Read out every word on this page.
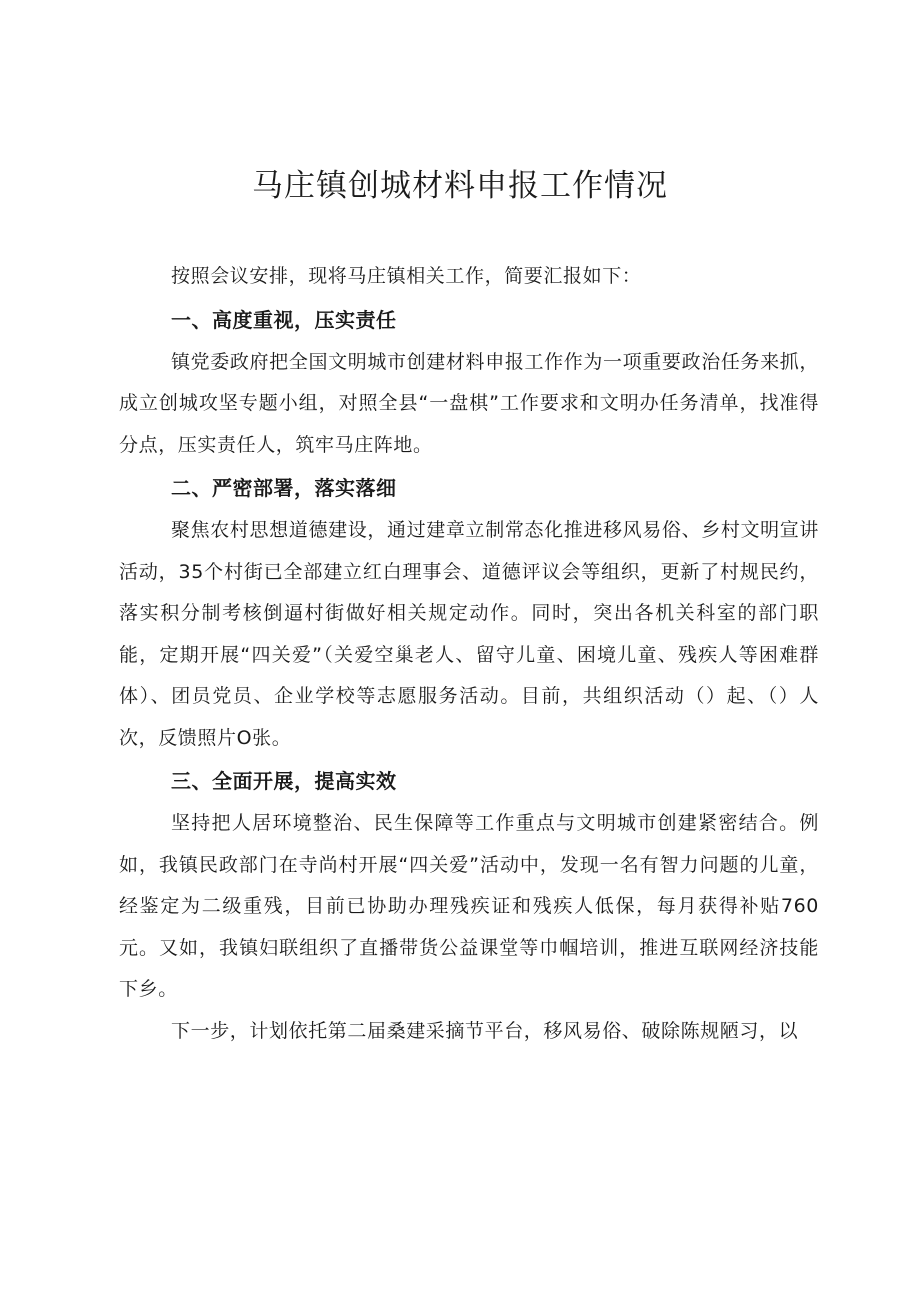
马庄镇创城材料申报工作情况

按照会议安排，现将马庄镇相关工作，简要汇报如下：

一、高度重视，压实责任

镇党委政府把全国文明城市创建材料申报工作作为一项重要政治任务来抓，成立创城攻坚专题小组，对照全县“一盘棋”工作要求和文明办任务清单，找准得分点，压实责任人，筑牢马庄阵地。

二、严密部署，落实落细

聚焦农村思想道德建设，通过建章立制常态化推进移风易俗、乡村文明宣讲活动，35个村街已全部建立红白理事会、道德评议会等组织，更新了村规民约，落实积分制考核倒逼村街做好相关规定动作。同时，突出各机关科室的部门职能，定期开展“四关爱”（关爱空巢老人、留守儿童、困境儿童、残疾人等困难群体）、团员党员、企业学校等志愿服务活动。目前，共组织活动（）起、（）人次，反馈照片O张。

三、全面开展，提高实效

坚持把人居环境整治、民生保障等工作重点与文明城市创建紧密结合。例如，我镇民政部门在寺尚村开展“四关爱”活动中，发现一名有智力问题的儿童，经鉴定为二级重残，目前已协助办理残疾证和残疾人低保，每月获得补贴760元。又如，我镇妇联组织了直播带货公益课堂等巾帼培训，推进互联网经济技能下乡。

下一步，计划依托第二届桑建采摘节平台，移风易俗、破除陈规陋习，以
